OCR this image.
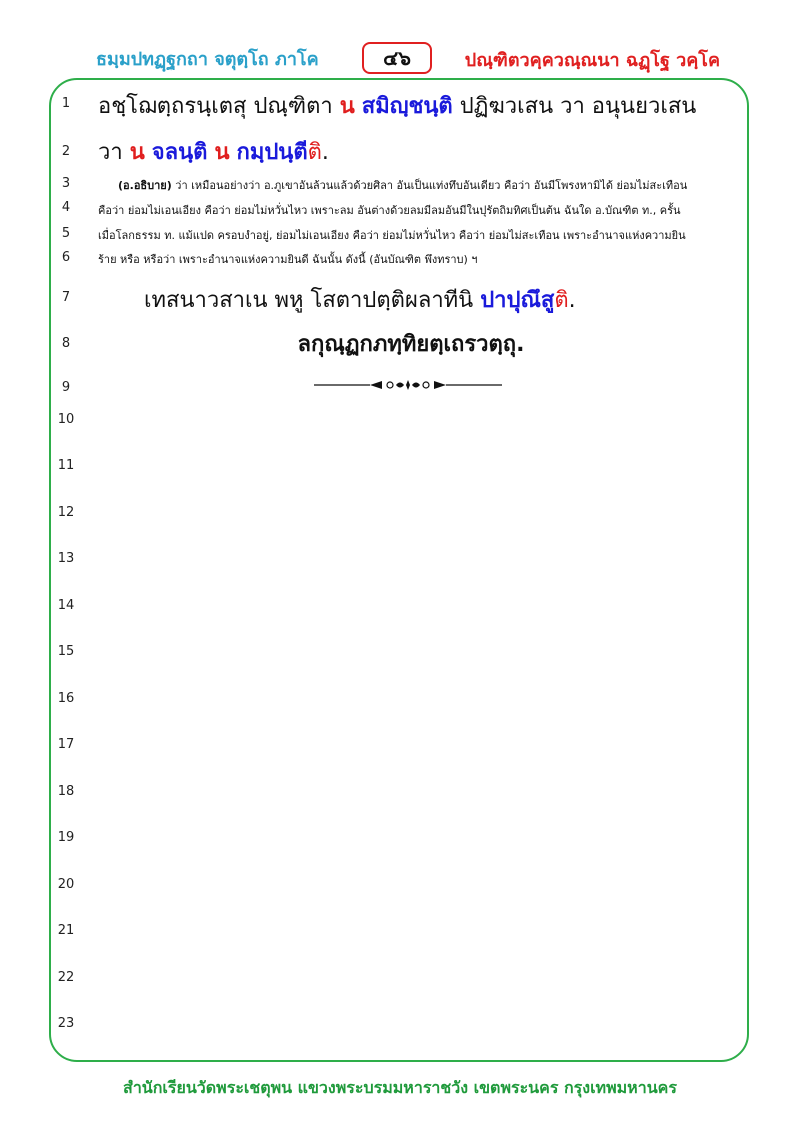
ธมฺมปทฏฺฐกถา จตุตฺโถ ภาโค	๔๖	ปณฺฑิตวคฺควณฺณนา ฉฏฺโฐ วคฺโค
1
2
3
4
5
6
7
8
9
10
11
12
13
14
15
16
17
18
19
20
21
22
23
อชฺโฌตฺถรนฺเตสุ ปณฺฑิตา น สมิญฺชนฺติ ปฏิฆวเสน วา อนุนยวเสน
วา น จลนฺติ น กมฺปนฺตีติ.
(อ.อธิบาย) ว่า เหมือนอย่างว่า อ.ภูเขาอันล้วนแล้วด้วยศิลา อันเป็นแท่งทึบอันเดียว คือว่า อันมีโพรงหามิได้ ย่อมไม่สะเทือน
คือว่า ย่อมไม่เอนเอียง คือว่า ย่อมไม่หวั่นไหว เพราะลม อันต่างด้วยลมมีลมอันมีในปุรัตถิมทิศเป็นต้น ฉันใด อ.บัณฑิต ท., ครั้น
เมื่อโลกธรรม ท. แม้แปด ครอบงำอยู่, ย่อมไม่เอนเอียง คือว่า ย่อมไม่หวั่นไหว คือว่า ย่อมไม่สะเทือน เพราะอำนาจแห่งความยิน
ร้าย หรือ หรือว่า เพราะอำนาจแห่งความยินดี ฉันนั้น ดังนี้ (อันบัณฑิต พึงทราบ) ฯ
เทสนาวสาเน พหู โสตาปตฺติผลาทีนิ ปาปุณึสูติ.
ลกุณฺฏกภทฺทิยตฺเถรวตฺถุ.
สำนักเรียนวัดพระเชตุพน แขวงพระบรมมหาราชวัง เขตพระนคร กรุงเทพมหานคร
